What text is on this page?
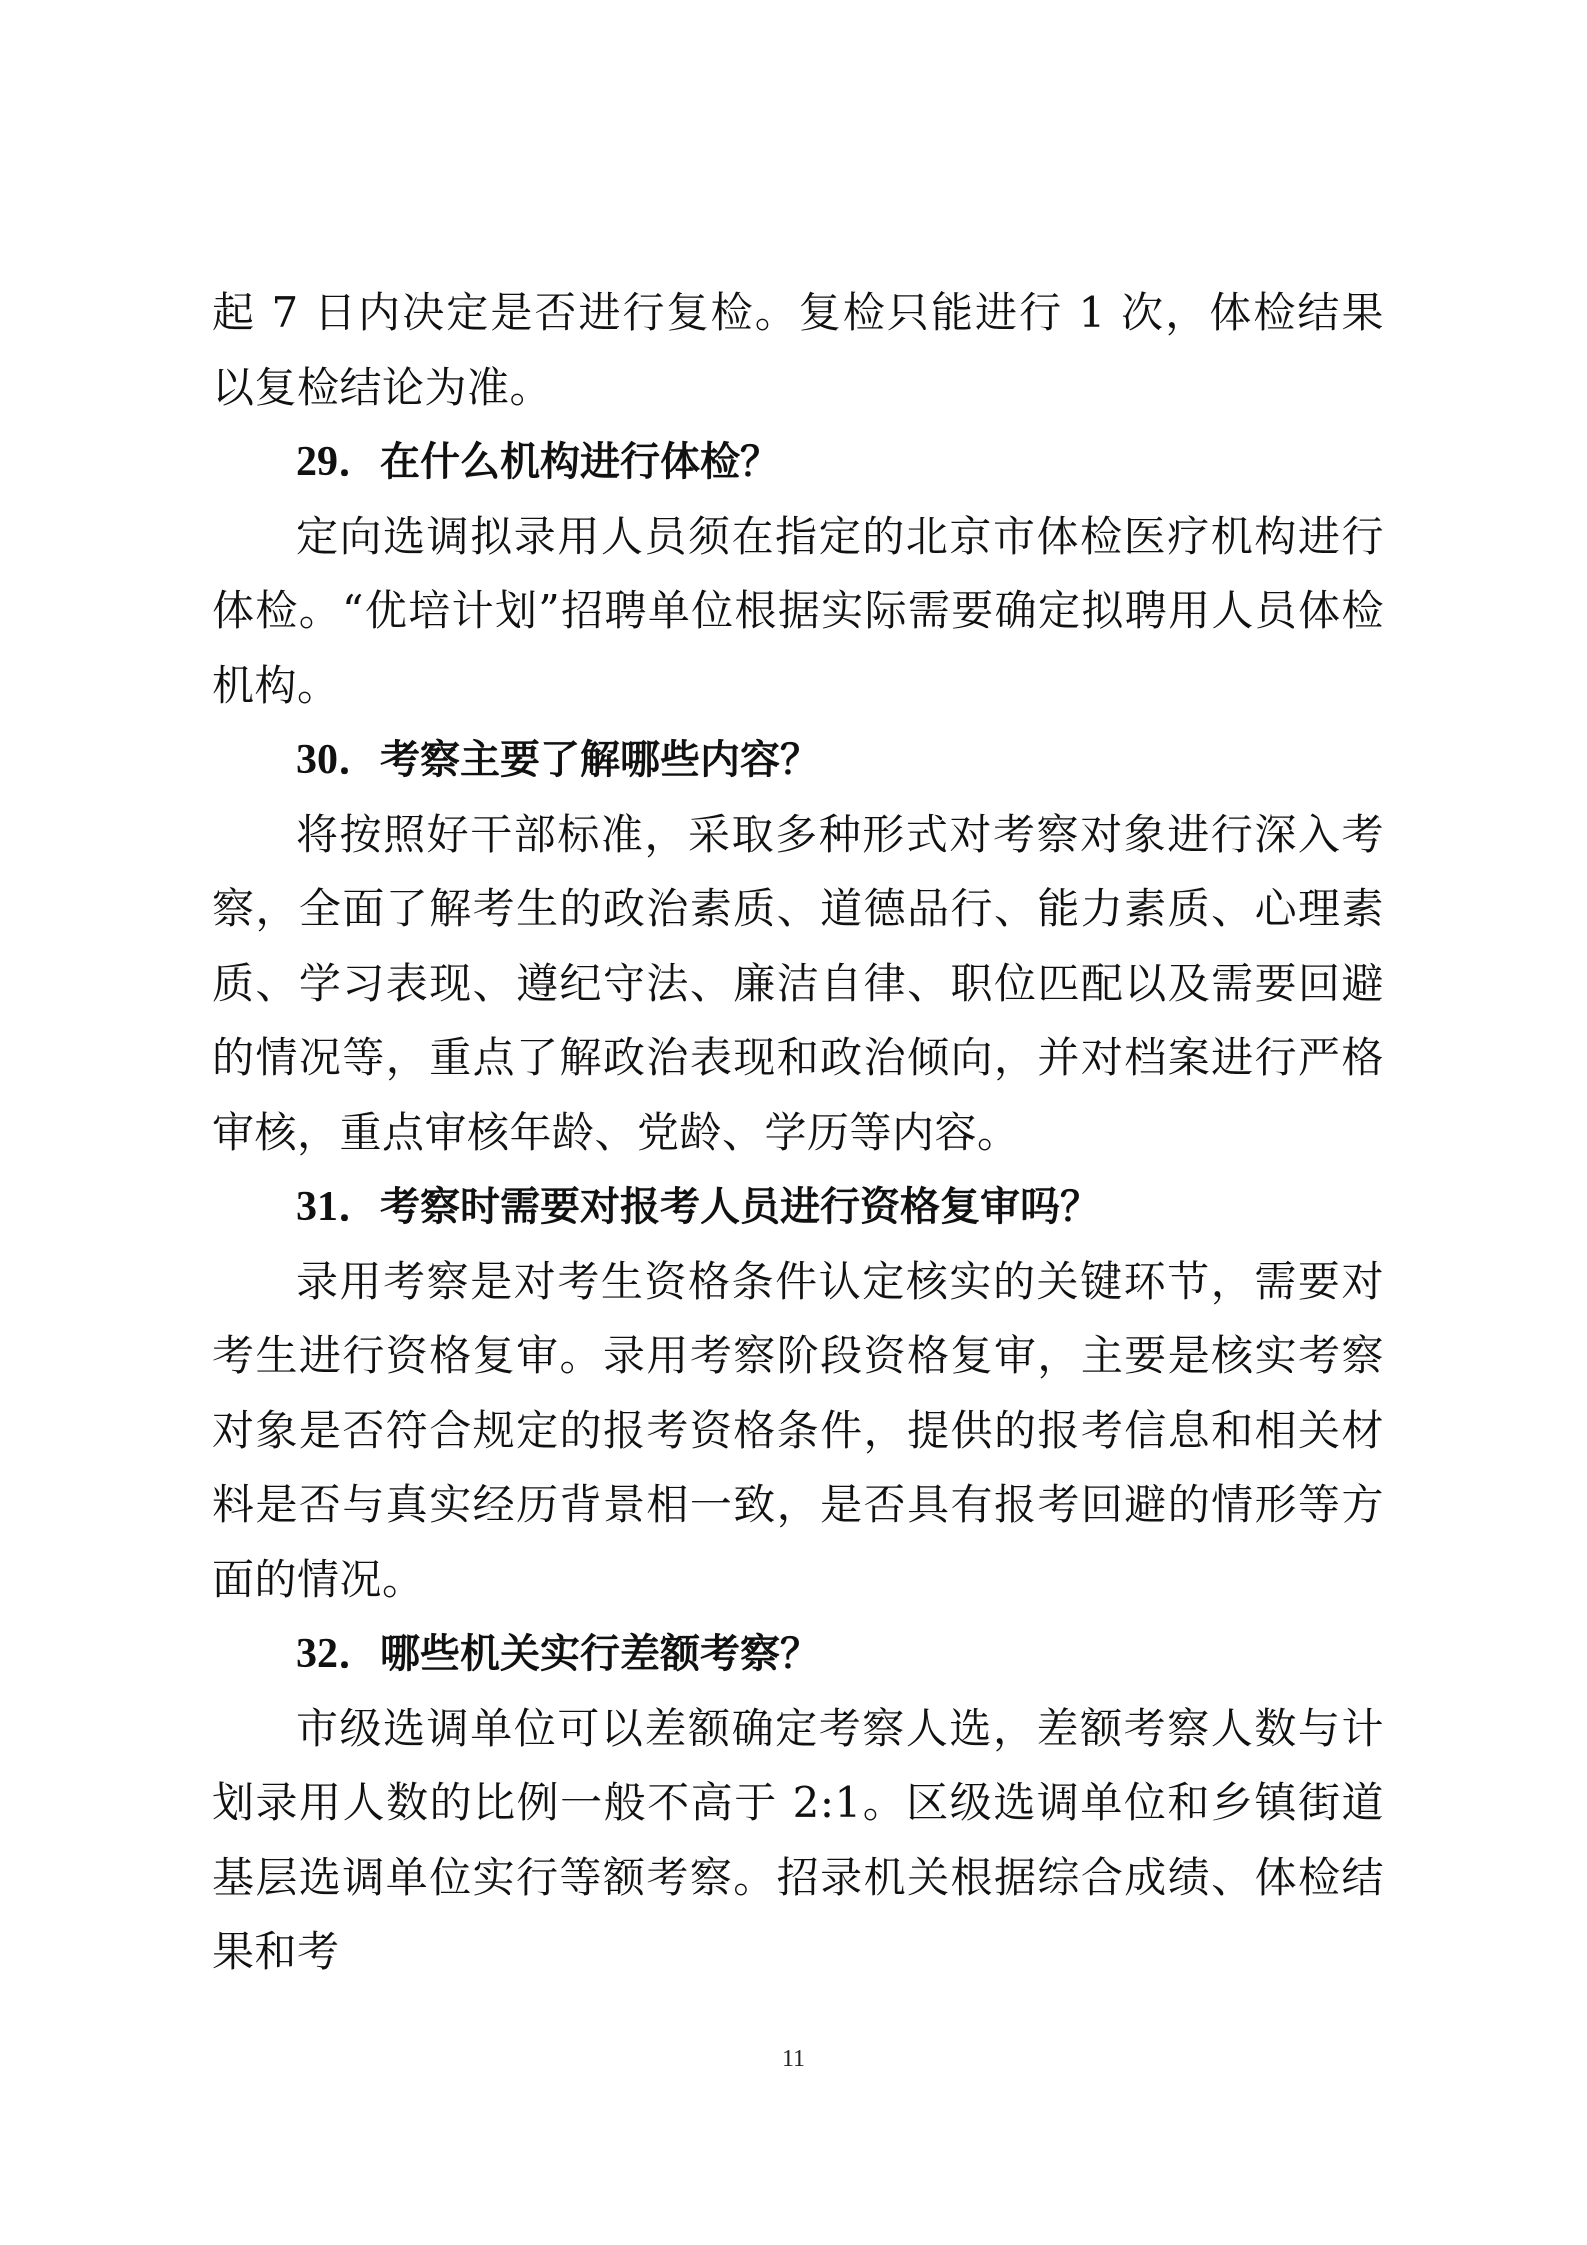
起 7 日内决定是否进行复检。复检只能进行 1 次，体检结果以复检结论为准。

29．在什么机构进行体检？

定向选调拟录用人员须在指定的北京市体检医疗机构进行体检。“优培计划”招聘单位根据实际需要确定拟聘用人员体检机构。

30．考察主要了解哪些内容？

将按照好干部标准，采取多种形式对考察对象进行深入考察，全面了解考生的政治素质、道德品行、能力素质、心理素质、学习表现、遵纪守法、廉洁自律、职位匹配以及需要回避的情况等，重点了解政治表现和政治倾向，并对档案进行严格审核，重点审核年龄、党龄、学历等内容。

31．考察时需要对报考人员进行资格复审吗？

录用考察是对考生资格条件认定核实的关键环节，需要对考生进行资格复审。录用考察阶段资格复审，主要是核实考察对象是否符合规定的报考资格条件，提供的报考信息和相关材料是否与真实经历背景相一致，是否具有报考回避的情形等方面的情况。

32．哪些机关实行差额考察？

市级选调单位可以差额确定考察人选，差额考察人数与计划录用人数的比例一般不高于 2:1。区级选调单位和乡镇街道基层选调单位实行等额考察。招录机关根据综合成绩、体检结果和考

11
